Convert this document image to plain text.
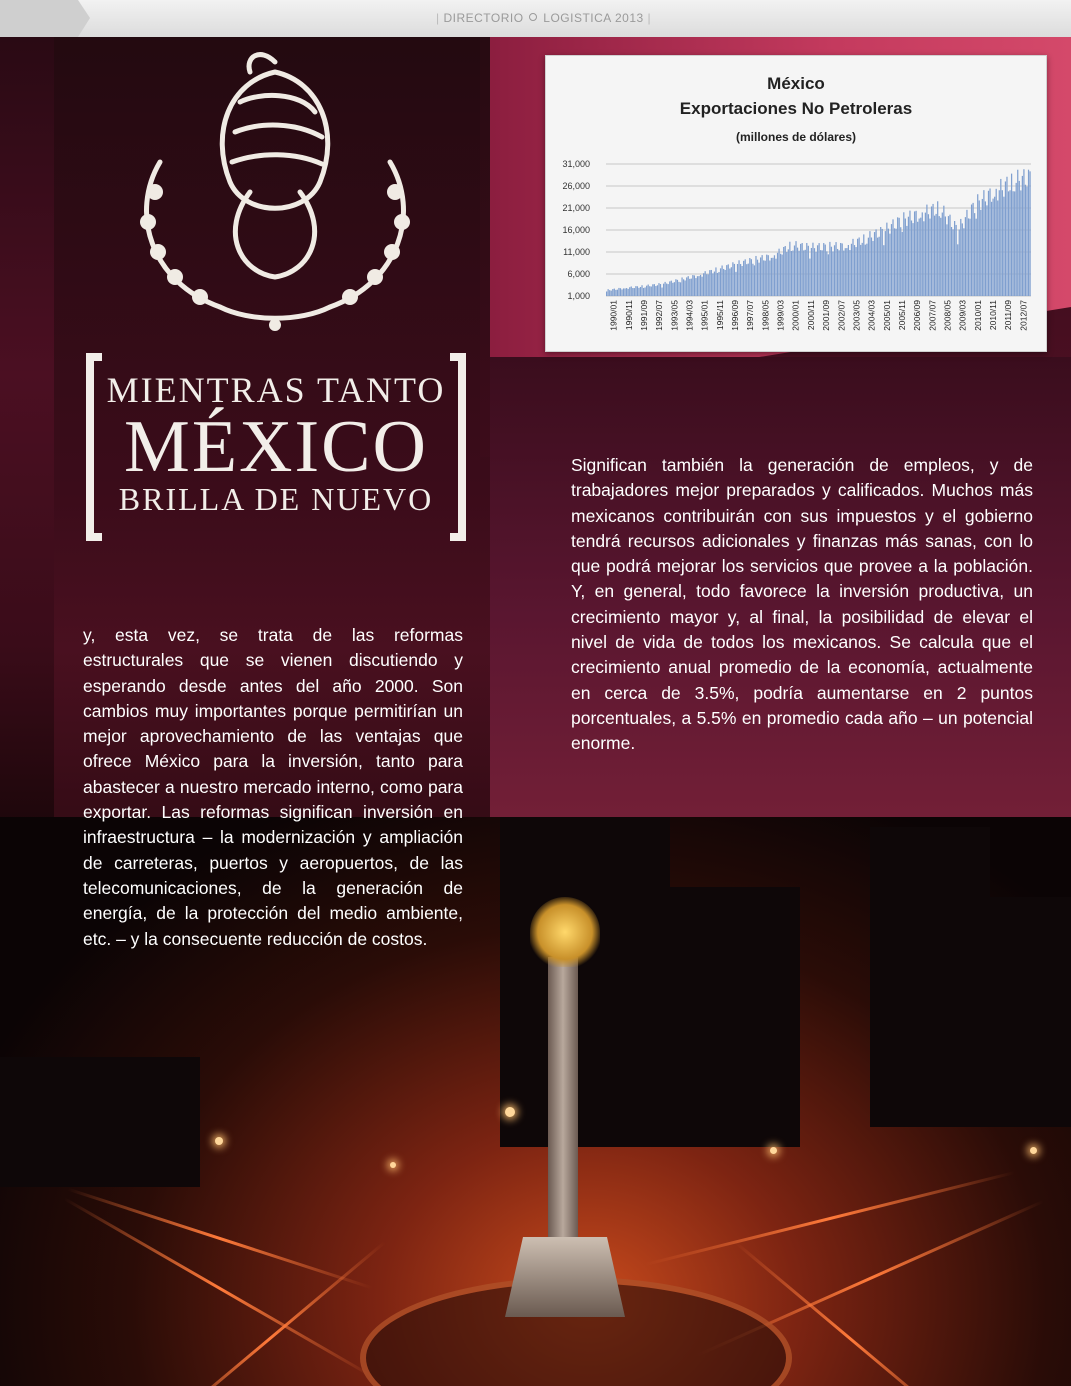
| DIRECTORIO LOGISTICA 2013 |
MIENTRAS TANTO
MÉXICO
BRILLA DE NUEVO
México
Exportaciones No Petroleras
(millones de dólares)
1,000
6,000
11,000
16,000
21,000
26,000
31,000
1990/01 1990/11 1991/09 1992/07 1993/05 1994/03 1995/01 1995/11 1996/09 1997/07 1998/05 1999/03 2000/01 2000/11 2001/09 2002/07 2003/05 2004/03 2005/01 2005/11 2006/09 2007/07 2008/05 2009/03 2010/01 2010/11 2011/09 2012/07
y, esta vez, se trata de las reformas estructurales que se vienen discutiendo y esperando desde antes del año 2000. Son cambios muy importantes porque permitirían un mejor aprovechamiento de las ventajas que ofrece México para la inversión, tanto para abastecer a nuestro mercado interno, como para exportar. Las reformas significan inversión en infraestructura – la modernización y ampliación de carreteras, puertos y aeropuertos, de las telecomunicaciones, de la generación de energía, de la protección del medio ambiente, etc. – y la consecuente reducción de costos.
Significan también la generación de empleos, y de trabajadores mejor preparados y calificados. Muchos más mexicanos contribuirán con sus impuestos y el gobierno tendrá recursos adicionales y finanzas más sanas, con lo que podrá mejorar los servicios que provee a la población. Y, en general, todo favorece la inversión productiva, un crecimiento mayor y, al final, la posibilidad de elevar el nivel de vida de todos los mexicanos. Se calcula que el crecimiento anual promedio de la economía, actualmente en cerca de 3.5%, podría aumentarse en 2 puntos porcentuales, a 5.5% en promedio cada año – un potencial enorme.
